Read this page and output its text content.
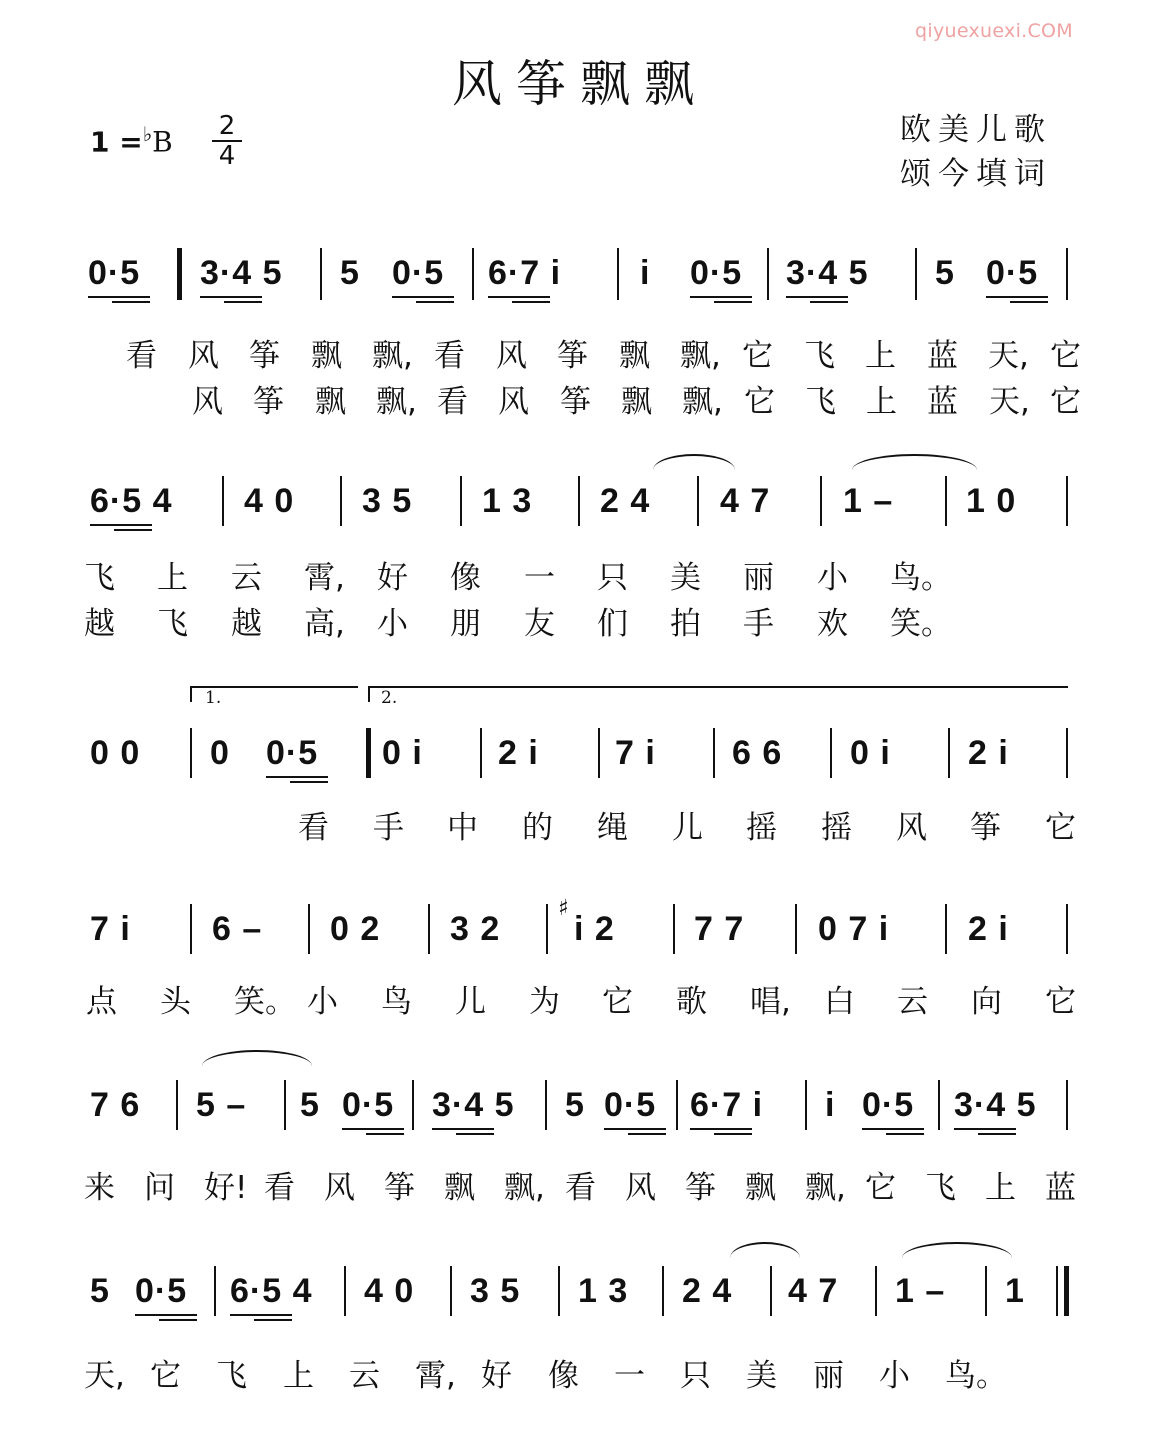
qiyuexuexi.COM
风筝飘飘
1 =♭B 2
4
欧美儿歌
颂今填词
0·5 3·4 5 5 0·5 6·7 i i 0·5 3·4 5 5 0·5
看 风 筝 飘 飘, 看 风 筝 飘 飘, 它 飞 上 蓝 天, 它
风 筝 飘 飘, 看 风 筝 飘 飘, 它 飞 上 蓝 天, 它
6·5 4 4 0 3 5 1 3 2 4 4 7 1 – 1 0
飞 上 云 霄, 好 像 一 只 美 丽 小 鸟。
越 飞 越 高, 小 朋 友 们 拍 手 欢 笑。
1.	2.
0 0 0 0·5 0 i 2 i 7 i 6 6 0 i 2 i
看 手 中 的 绳 儿 摇 摇 风 筝 它
♯
7 i 6 – 0 2 3 2 i 2 7 7 0 7 i 2 i
点 头 笑。 小 鸟 儿 为 它 歌 唱, 白 云 向 它
7 6 5 – 5 0·5 3·4 5 5 0·5 6·7 i i 0·5 3·4 5
来 问 好! 看 风 筝 飘 飘, 看 风 筝 飘 飘, 它 飞 上 蓝
5 0·5 6·5 4 4 0 3 5 1 3 2 4 4 7 1 – 1
天, 它 飞 上 云 霄, 好 像 一 只 美 丽 小 鸟。
